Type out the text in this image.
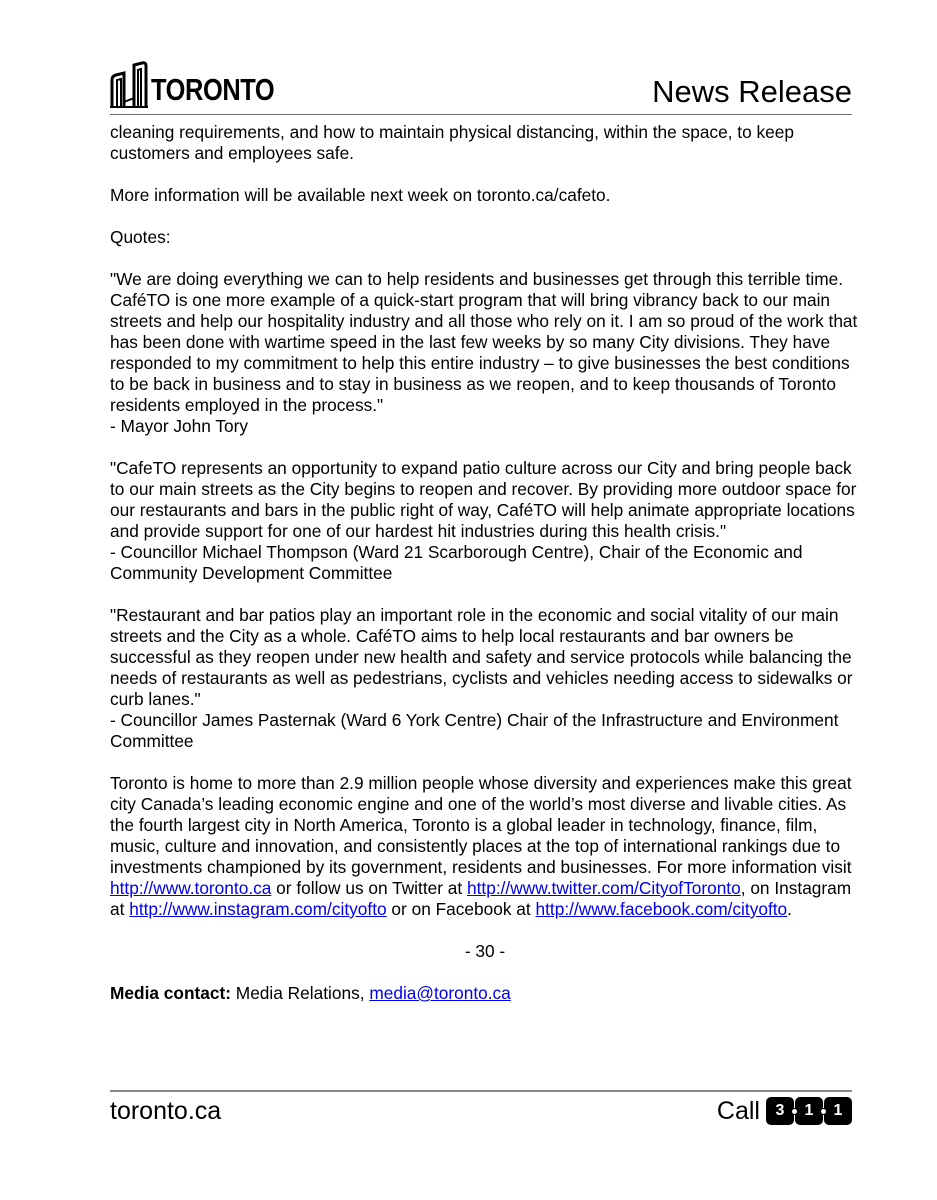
TORONTO	News Release

cleaning requirements, and how to maintain physical distancing, within the space, to keep customers and employees safe.

More information will be available next week on toronto.ca/cafeto.

Quotes:

"We are doing everything we can to help residents and businesses get through this terrible time. CaféTO is one more example of a quick-start program that will bring vibrancy back to our main streets and help our hospitality industry and all those who rely on it. I am so proud of the work that has been done with wartime speed in the last few weeks by so many City divisions. They have responded to my commitment to help this entire industry – to give businesses the best conditions to be back in business and to stay in business as we reopen, and to keep thousands of Toronto residents employed in the process."

- Mayor John Tory

"CafeTO represents an opportunity to expand patio culture across our City and bring people back to our main streets as the City begins to reopen and recover. By providing more outdoor space for our restaurants and bars in the public right of way, CaféTO will help animate appropriate locations and provide support for one of our hardest hit industries during this health crisis."

- Councillor Michael Thompson (Ward 21 Scarborough Centre), Chair of the Economic and Community Development Committee

"Restaurant and bar patios play an important role in the economic and social vitality of our main streets and the City as a whole. CaféTO aims to help local restaurants and bar owners be successful as they reopen under new health and safety and service protocols while balancing the needs of restaurants as well as pedestrians, cyclists and vehicles needing access to sidewalks or curb lanes."

- Councillor James Pasternak (Ward 6 York Centre) Chair of the Infrastructure and Environment Committee

Toronto is home to more than 2.9 million people whose diversity and experiences make this great city Canada’s leading economic engine and one of the world’s most diverse and livable cities. As the fourth largest city in North America, Toronto is a global leader in technology, finance, film, music, culture and innovation, and consistently places at the top of international rankings due to investments championed by its government, residents and businesses. For more information visit http://www.toronto.ca or follow us on Twitter at http://www.twitter.com/CityofToronto, on Instagram at http://www.instagram.com/cityofto or on Facebook at http://www.facebook.com/cityofto.

- 30 -

Media contact: Media Relations, media@toronto.ca

toronto.ca	Call 3	1	1
